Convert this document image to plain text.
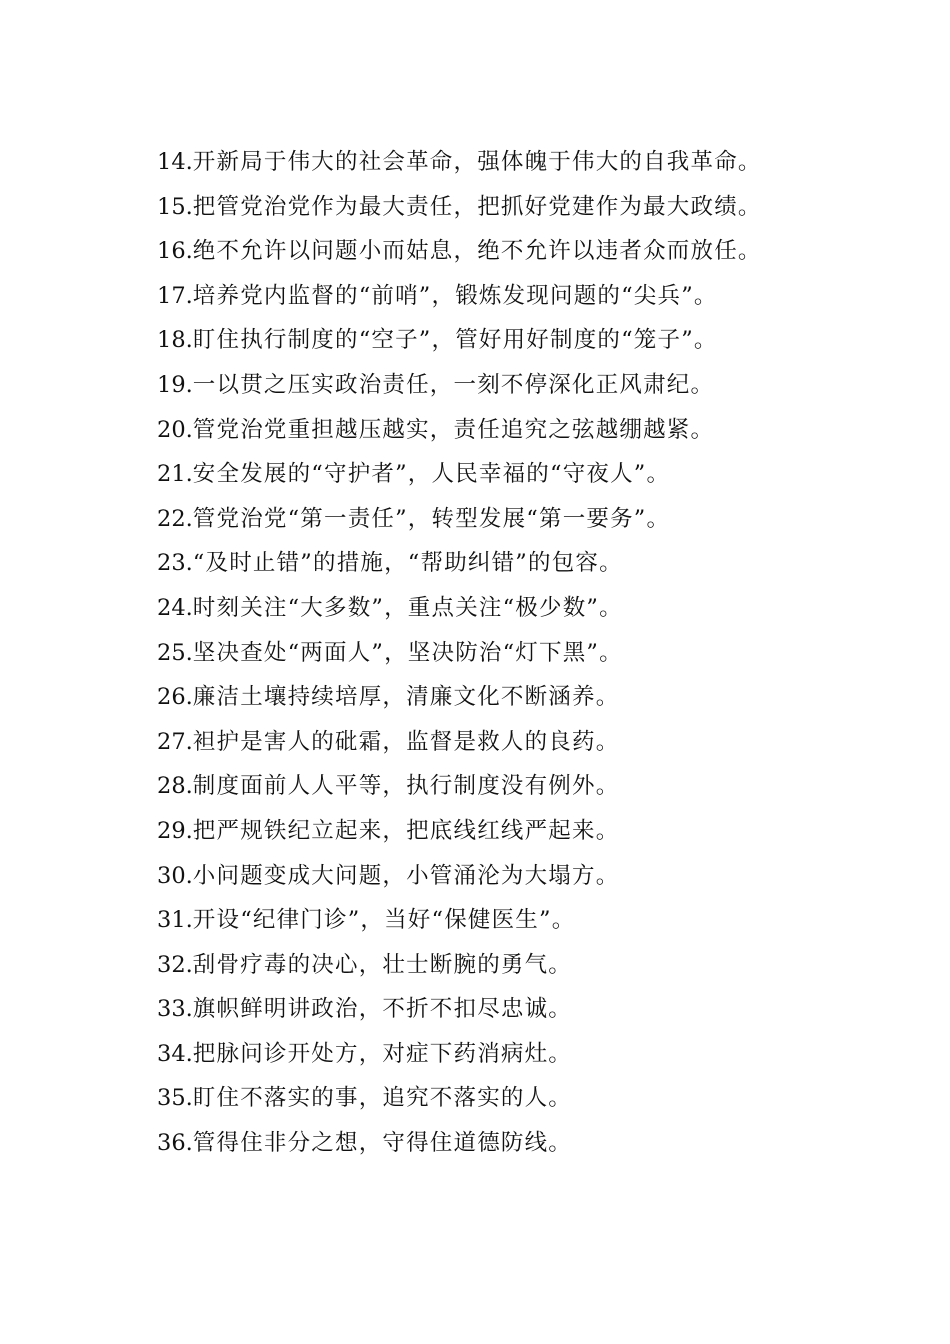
14.开新局于伟大的社会革命，强体魄于伟大的自我革命。
15.把管党治党作为最大责任，把抓好党建作为最大政绩。
16.绝不允许以问题小而姑息，绝不允许以违者众而放任。
17.培养党内监督的“前哨”，锻炼发现问题的“尖兵”。
18.盯住执行制度的“空子”，管好用好制度的“笼子”。
19.一以贯之压实政治责任，一刻不停深化正风肃纪。
20.管党治党重担越压越实，责任追究之弦越绷越紧。
21.安全发展的“守护者”，人民幸福的“守夜人”。
22.管党治党“第一责任”，转型发展“第一要务”。
23.“及时止错”的措施，“帮助纠错”的包容。
24.时刻关注“大多数”，重点关注“极少数”。
25.坚决查处“两面人”，坚决防治“灯下黑”。
26.廉洁土壤持续培厚，清廉文化不断涵养。
27.袒护是害人的砒霜，监督是救人的良药。
28.制度面前人人平等，执行制度没有例外。
29.把严规铁纪立起来，把底线红线严起来。
30.小问题变成大问题，小管涌沦为大塌方。
31.开设“纪律门诊”，当好“保健医生”。
32.刮骨疗毒的决心，壮士断腕的勇气。
33.旗帜鲜明讲政治，不折不扣尽忠诚。
34.把脉问诊开处方，对症下药消病灶。
35.盯住不落实的事，追究不落实的人。
36.管得住非分之想，守得住道德防线。
